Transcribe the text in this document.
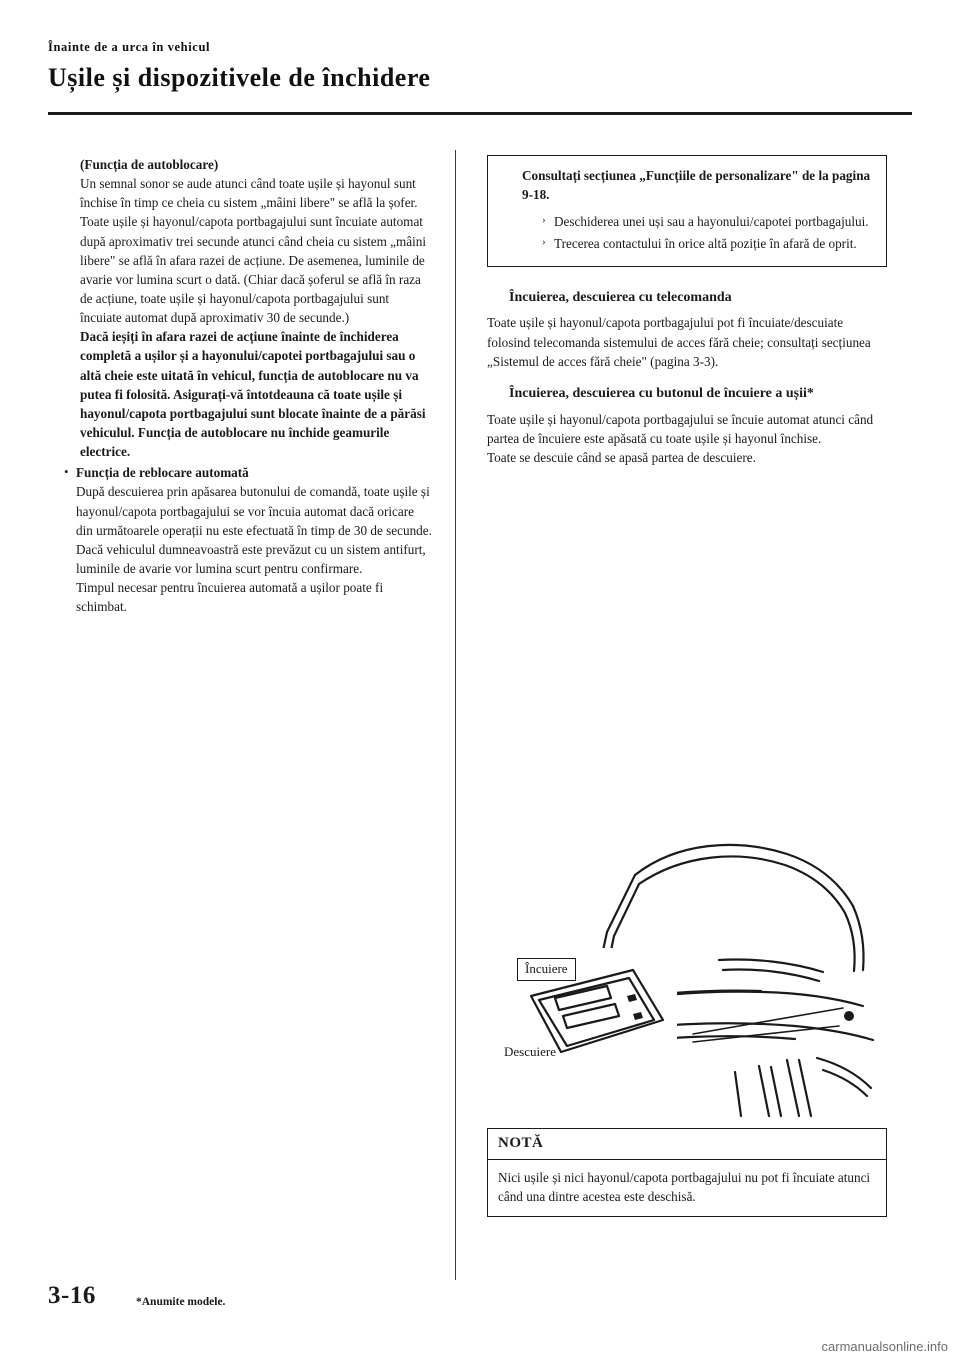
Înainte de a urca în vehicul
Ușile și dispozitivele de închidere

(Funcția de autoblocare)

Un semnal sonor se aude atunci când toate ușile și hayonul sunt închise în timp ce cheia cu sistem „mâini libere" se află la șofer.

Toate ușile și hayonul/capota portbagajului sunt încuiate automat după aproximativ trei secunde atunci când cheia cu sistem „mâini libere" se află în afara razei de acțiune. De asemenea, luminile de avarie vor lumina scurt o dată. (Chiar dacă șoferul se află în raza de acțiune, toate ușile și hayonul/capota portbagajului sunt încuiate automat după aproximativ 30 de secunde.)

Dacă ieșiți în afara razei de acțiune înainte de închiderea completă a ușilor și a hayonului/capotei portbagajului sau o altă cheie este uitată în vehicul, funcția de autoblocare nu va putea fi folosită. Asigurați-vă întotdeauna că toate ușile și hayonul/capota portbagajului sunt blocate înainte de a părăsi vehiculul. Funcția de autoblocare nu închide geamurile electrice.

• Funcția de reblocare automată

După descuierea prin apăsarea butonului de comandă, toate ușile și hayonul/capota portbagajului se vor încuia automat dacă oricare din următoarele operații nu este efectuată în timp de 30 de secunde. Dacă vehiculul dumneavoastră este prevăzut cu un sistem antifurt, luminile de avarie vor lumina scurt pentru confirmare.

Timpul necesar pentru încuierea automată a ușilor poate fi schimbat.

Consultați secțiunea „Funcțiile de personalizare" de la pagina 9-18.

› Deschiderea unei uși sau a hayonului/capotei portbagajului.
› Trecerea contactului în orice altă poziție în afară de oprit.

Încuierea, descuierea cu telecomanda

Toate ușile și hayonul/capota portbagajului pot fi încuiate/descuiate folosind telecomanda sistemului de acces fără cheie; consultați secțiunea „Sistemul de acces fără cheie" (pagina 3-3).

Încuierea, descuierea cu butonul de încuiere a ușii*

Toate ușile și hayonul/capota portbagajului se încuie automat atunci când partea de încuiere este apăsată cu toate ușile și hayonul închise.

Toate se descuie când se apasă partea de descuiere.

Încuiere
Descuiere
NOTĂ
Nici ușile și nici hayonul/capota portbagajului nu pot fi încuiate atunci când una dintre acestea este deschisă.
3-16	*Anumite modele.
carmanualsonline.info
